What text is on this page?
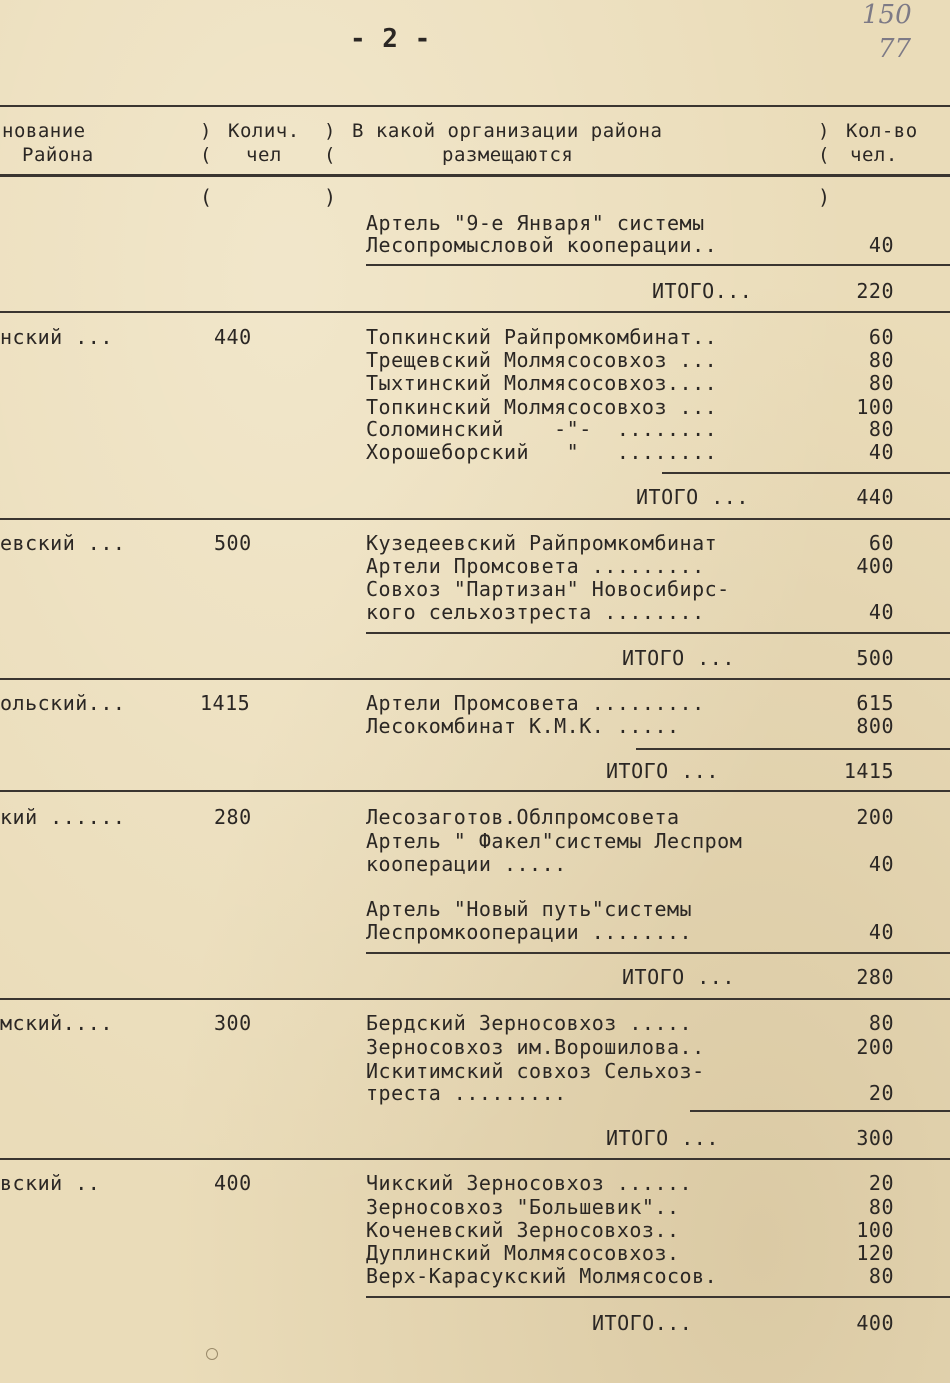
- 2 -
150
77
нование
Района
)
(
Колич.
чел
)
(
В какой организации района
размещаются
)
(
Кол-во
чел.
(	)	)
Артель "9-е Января" системы
Лесопромысловой кооперации..	40
ИТОГО...	220
нский ...	440	Топкинский Райпромкомбинат..	60
Трещевский Молмясосовхоз ...	80
Тыхтинский Молмясосовхоз....	80
Топкинский Молмясосовхоз ...	100
Соломинский    -"-  ........	80
Хорошеборский   "   ........	40
ИТОГО ...	440
евский ...	500	Кузедеевский Райпромкомбинат	60
Артели Промсовета .........	400
Совхоз "Партизан" Новосибирс-
кого сельхозтреста ........	40
ИТОГО ...	500
ольский...	1415	Артели Промсовета .........	615
Лесокомбинат К.М.К. .....	800
ИТОГО ...	1415
кий ......	280	Лесозаготов.Облпромсовета	200
Артель " Факел"системы Леспром
кооперации .....	40
Артель "Новый путь"системы
Леспромкооперации ........	40
ИТОГО ...	280
мский....	300	Бердский Зерносовхоз .....	80
Зерносовхоз им.Ворошилова..	200
Искитимский совхоз Сельхоз-
треста .........	20
ИТОГО ...	300
вский ..	400	Чикский Зерносовхоз ......	20
Зерносовхоз "Большевик"..	80
Коченевский Зерносовхоз..	100
Дуплинский Молмясосовхоз.	120
Верх-Карасукский Молмясосов.	80
ИТОГО...	400
